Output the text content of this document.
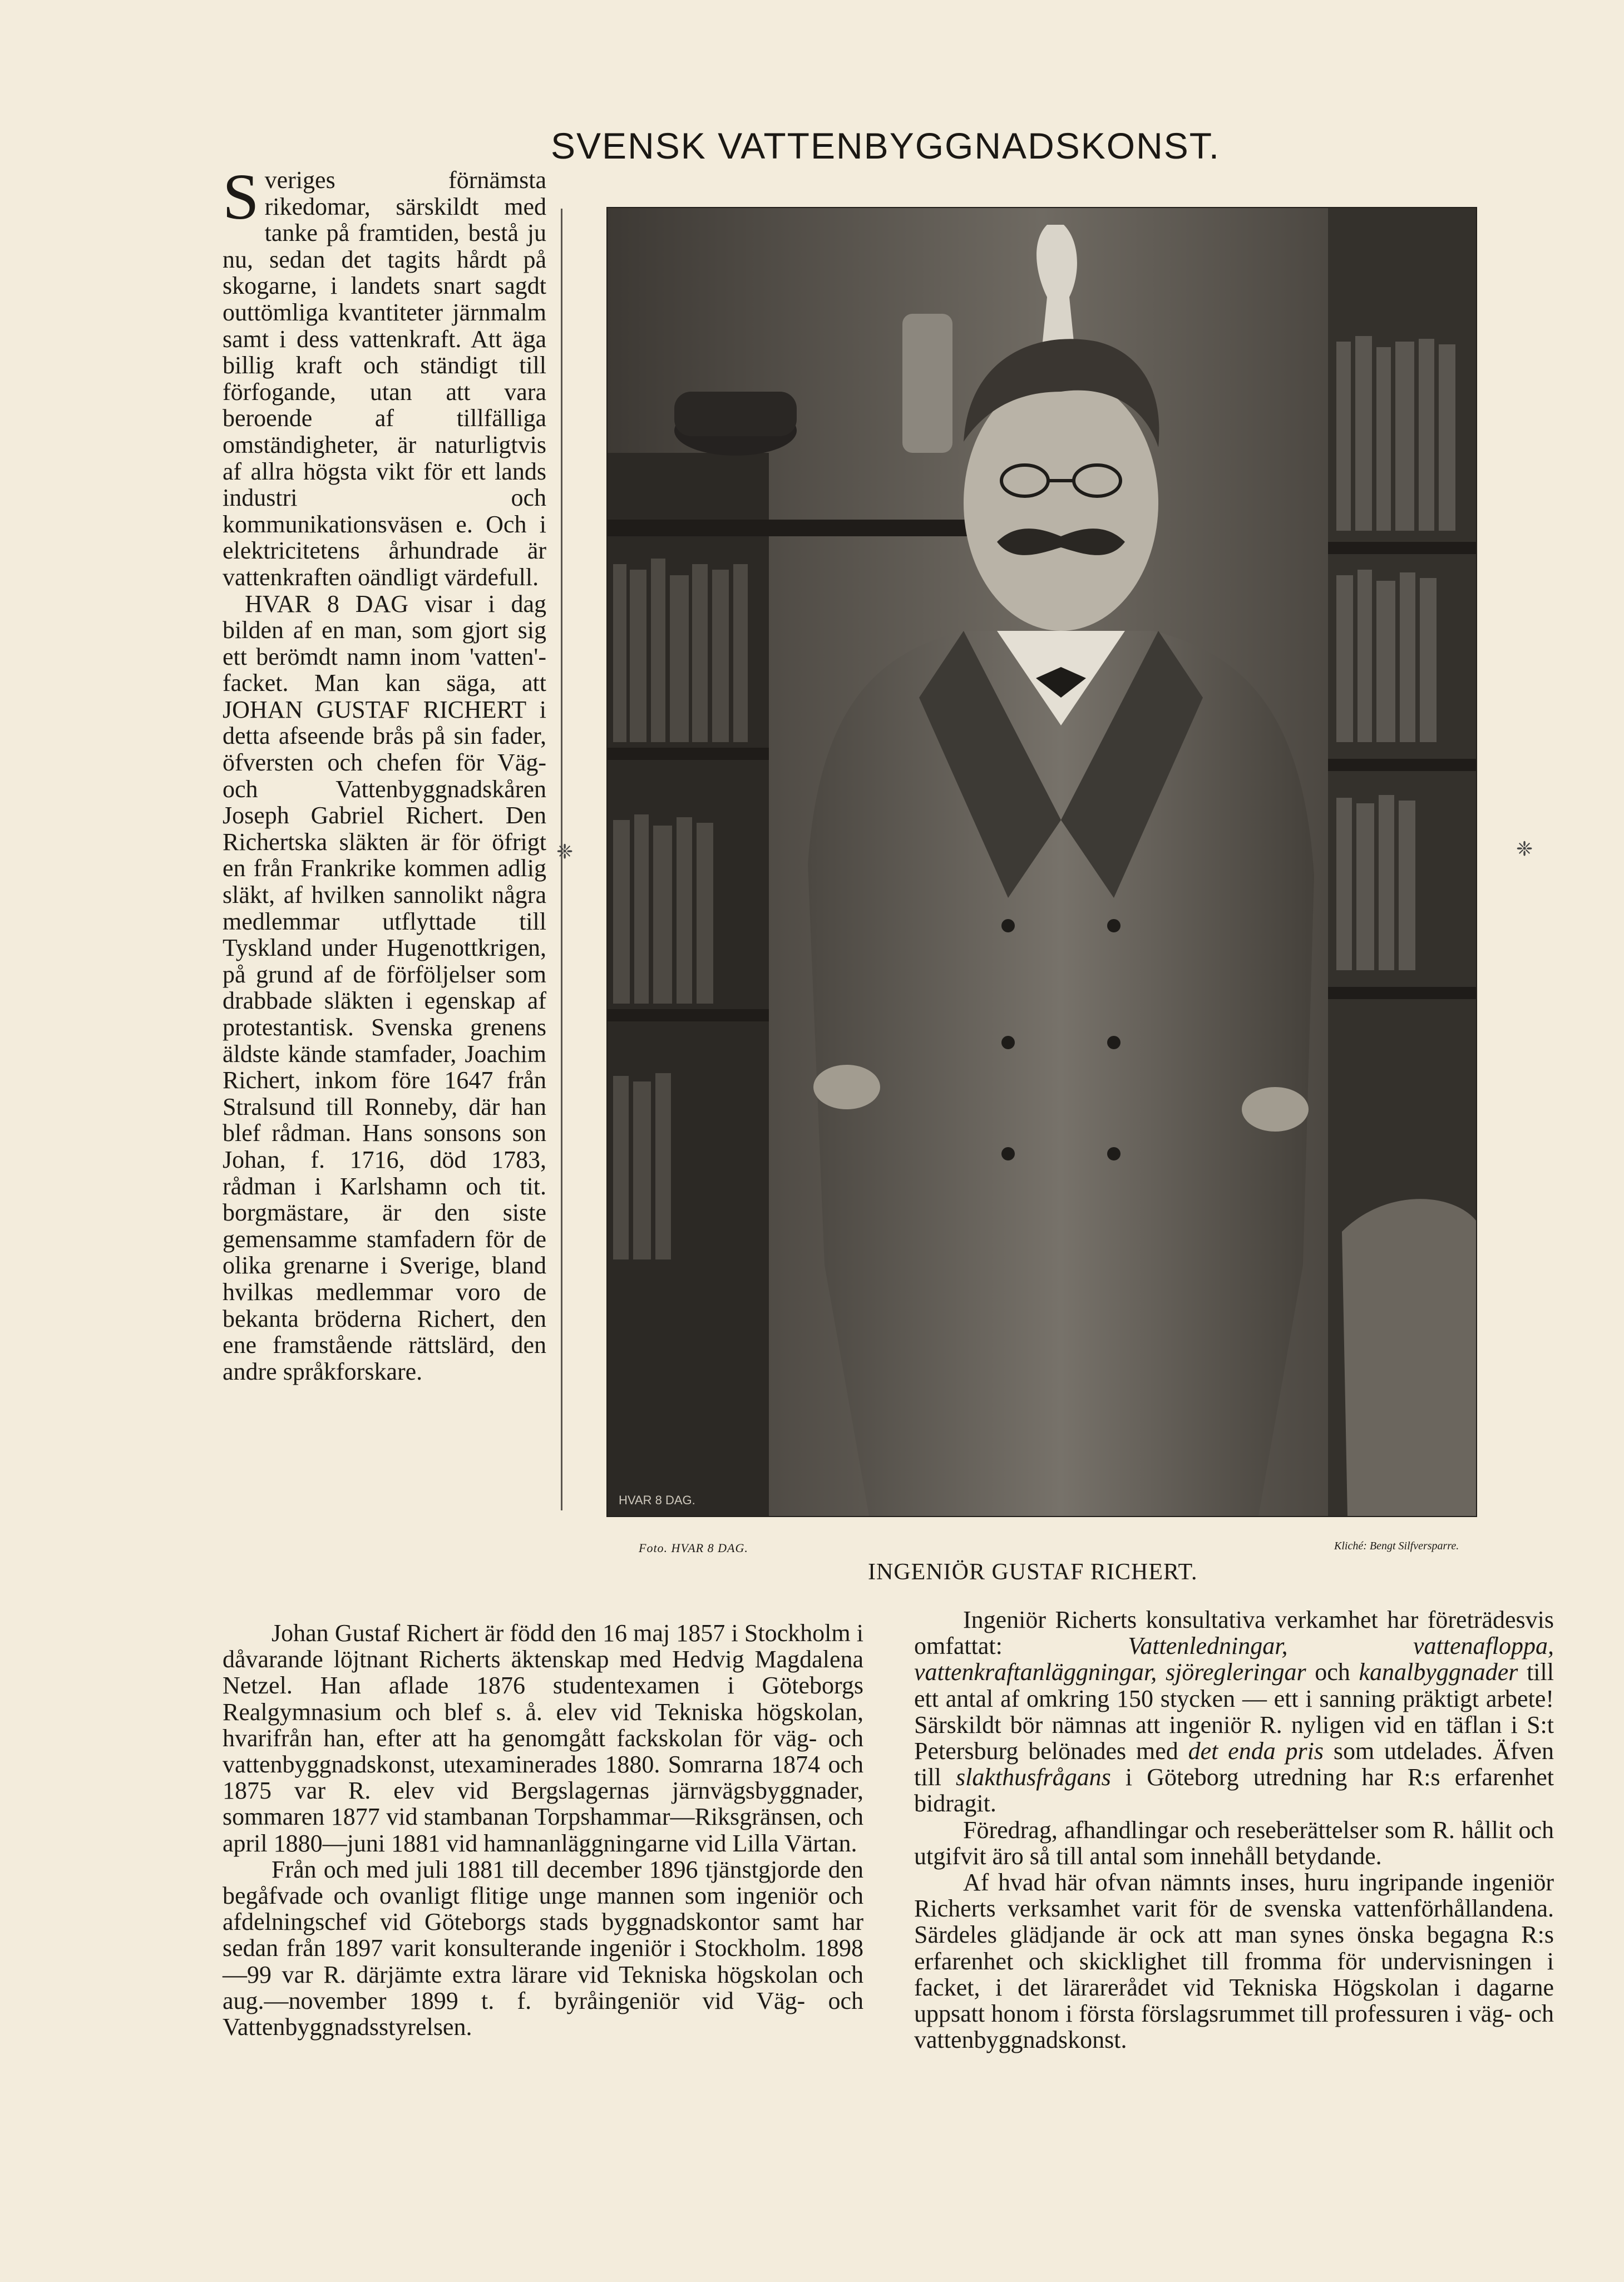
SVENSK VATTENBYGGNADSKONST.

Sveriges förnämsta rikedomar, särskildt med tanke på framtiden, bestå ju nu, sedan det tagits hårdt på skogarne, i landets snart sagdt outtömliga kvantiteter järnmalm samt i dess vattenkraft. Att äga billig kraft och ständigt till förfogande, utan att vara beroende af tillfälliga omständigheter, är naturligtvis af allra högsta vikt för ett lands industri och kommunikationsväsen e. Och i elektricitetens århundrade är vattenkraften oändligt värdefull.

HVAR 8 DAG visar i dag bilden af en man, som gjort sig ett berömdt namn inom 'vatten'-facket. Man kan säga, att JOHAN GUSTAF RICHERT i detta afseende brås på sin fader, öfversten och chefen för Väg- och Vattenbyggnadskåren Joseph Gabriel Richert. Den Richertska släkten är för öfrigt en från Frankrike kommen adlig släkt, af hvilken sannolikt några medlemmar utflyttade till Tyskland under Hugenottkrigen, på grund af de förföljelser som drabbade släkten i egenskap af protestantisk. Svenska grenens äldste kände stamfader, Joachim Richert, inkom före 1647 från Stralsund till Ronneby, där han blef rådman. Hans sonsons son Johan, f. 1716, död 1783, rådman i Karlshamn och tit. borgmästare, är den siste gemensamme stamfadern för de olika grenarne i Sverige, bland hvilkas medlemmar voro de bekanta bröderna Richert, den ene framstående rättslärd, den andre språkforskare.

❈	❈
HVAR 8 DAG.
Foto. HVAR 8 DAG.	Kliché: Bengt Silfversparre.
INGENIÖR GUSTAF RICHERT.

Johan Gustaf Richert är född den 16 maj 1857 i Stockholm i dåvarande löjtnant Richerts äktenskap med Hedvig Magdalena Netzel. Han aflade 1876 studentexamen i Göteborgs Realgymnasium och blef s. å. elev vid Tekniska högskolan, hvarifrån han, efter att ha genomgått fackskolan för väg- och vattenbyggnadskonst, utexaminerades 1880. Somrarna 1874 och 1875 var R. elev vid Bergslagernas järnvägsbyggnader, sommaren 1877 vid stambanan Torpshammar—Riksgränsen, och april 1880—juni 1881 vid hamnanläggningarne vid Lilla Värtan.

Från och med juli 1881 till december 1896 tjänstgjorde den begåfvade och ovanligt flitige unge mannen som ingeniör och afdelningschef vid Göteborgs stads byggnadskontor samt har sedan från 1897 varit konsulterande ingeniör i Stockholm. 1898—99 var R. därjämte extra lärare vid Tekniska högskolan och aug.—november 1899 t. f. byråingeniör vid Väg- och Vattenbyggnadsstyrelsen.

Ingeniör Richerts konsultativa verkamhet har företrädesvis omfattat: Vattenledningar, vattenafloppa, vattenkraftanläggningar, sjöregleringar och kanalbyggnader till ett antal af omkring 150 stycken — ett i sanning präktigt arbete! Särskildt bör nämnas att ingeniör R. nyligen vid en täflan i S:t Petersburg belönades med det enda pris som utdelades. Äfven till slakthusfrågans i Göteborg utredning har R:s erfarenhet bidragit.

Föredrag, afhandlingar och reseberättelser som R. hållit och utgifvit äro så till antal som innehåll betydande.

Af hvad här ofvan nämnts inses, huru ingripande ingeniör Richerts verksamhet varit för de svenska vattenförhållandena. Särdeles glädjande är ock att man synes önska begagna R:s erfarenhet och skicklighet till fromma för undervisningen i facket, i det lärarerådet vid Tekniska Högskolan i dagarne uppsatt honom i första förslagsrummet till professuren i väg- och vattenbyggnadskonst.
